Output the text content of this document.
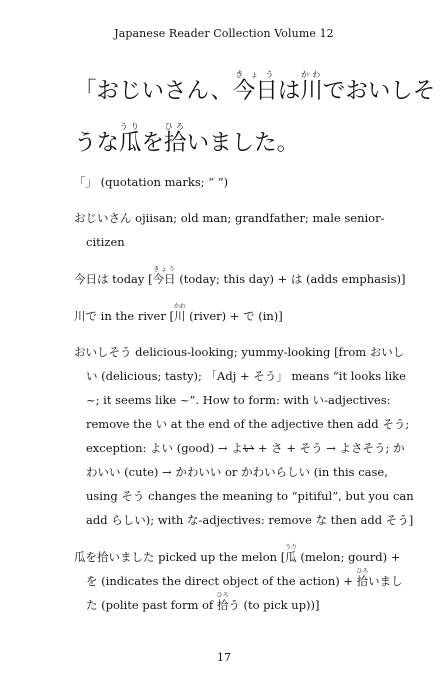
Japanese Reader Collection Volume 12
「おじいさん、今日きょうは川かわでおいしそ
うな瓜うりを拾ひろいました。
「」 (quotation marks; “ ”)
おじいさん ojiisan; old man; grandfather; male senior-citizen
今日は today [今日きょう (today; this day) + は (adds emphasis)]
川で in the river [川かわ (river) + で (in)]
おいしそう delicious-looking; yummy-looking [from おいしい (delicious; tasty); 「Adj + そう」 means “it looks like ~; it seems like ~”. How to form: with い-adjectives: remove the い at the end of the adjective then add そう; exception: よい (good) → よい + さ + そう → よさそう; かわいい (cute) → かわいい or かわいらしい (in this case, using そう changes the meaning to “pitiful”, but you can add らしい); with な-adjectives: remove な then add そう]
瓜を拾いました picked up the melon [瓜うり (melon; gourd) + を (indicates the direct object of the action) + 拾ひろいました (polite past form of 拾ひろう (to pick up))]
17
